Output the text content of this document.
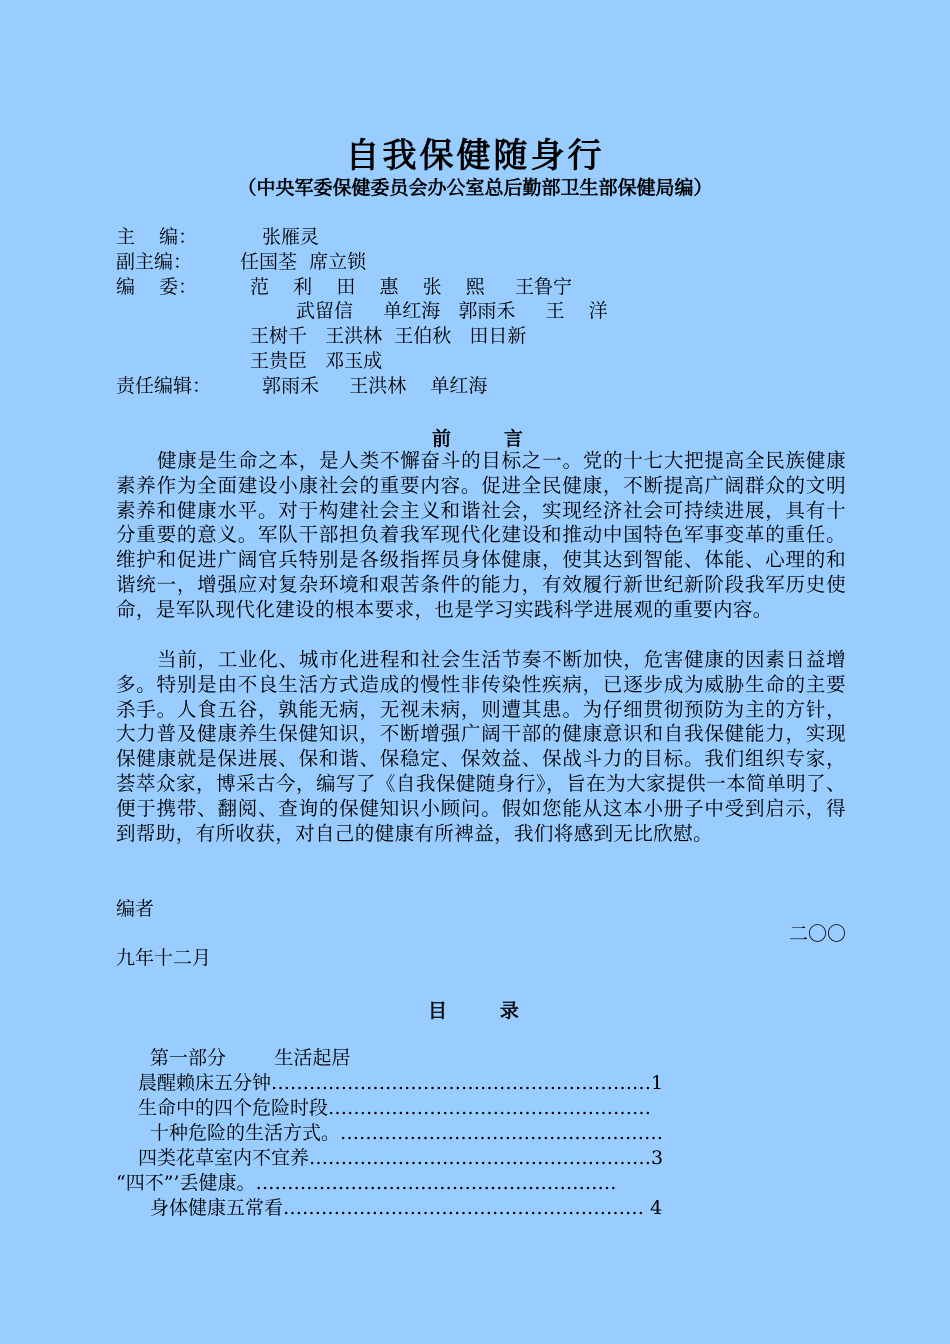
自我保健随身行
（中央军委保健委员会办公室总后勤部卫生部保健局编）
主    编：	张雁灵
副主编：	任国荃  席立锁
编    委：	范    利    田    惠    张    熙     王鲁宁
武留信     单红海   郭雨禾     王    洋
王树千   王洪林  王伯秋   田日新
王贵臣   邓玉成
责任编辑：	郭雨禾     王洪林    单红海
前        言
健康是生命之本，是人类不懈奋斗的目标之一。党的十七大把提高全民族健康素养作为全面建设小康社会的重要内容。促进全民健康，不断提高广阔群众的文明素养和健康水平。对于构建社会主义和谐社会，实现经济社会可持续进展，具有十分重要的意义。军队干部担负着我军现代化建设和推动中国特色军事变革的重任。维护和促进广阔官兵特别是各级指挥员身体健康，使其达到智能、体能、心理的和谐统一，增强应对复杂环境和艰苦条件的能力，有效履行新世纪新阶段我军历史使命，是军队现代化建设的根本要求，也是学习实践科学进展观的重要内容。
当前，工业化、城市化进程和社会生活节奏不断加快，危害健康的因素日益增多。特别是由不良生活方式造成的慢性非传染性疾病，已逐步成为威胁生命的主要杀手。人食五谷，孰能无病，无视未病，则遭其患。为仔细贯彻预防为主的方针，大力普及健康养生保健知识，不断增强广阔干部的健康意识和自我保健能力，实现保健康就是保进展、保和谐、保稳定、保效益、保战斗力的目标。我们组织专家，荟萃众家，博采古今，编写了《自我保健随身行》，旨在为大家提供一本简单明了、便于携带、翻阅、查询的保健知识小顾问。假如您能从这本小册子中受到启示，得到帮助，有所收获，对自己的健康有所裨益，我们将感到无比欣慰。
编者
二〇〇
九年十二月
目        录
第一部分        生活起居
晨醒赖床五分钟……………………………………………………1
生命中的四个危险时段……………………………………………
十种危险的生活方式。……………………………………………
四类花草室内不宜养………………………………………………3
“四不”’丢健康。…………………………………………………
身体健康五常看………………………………………………… 4
